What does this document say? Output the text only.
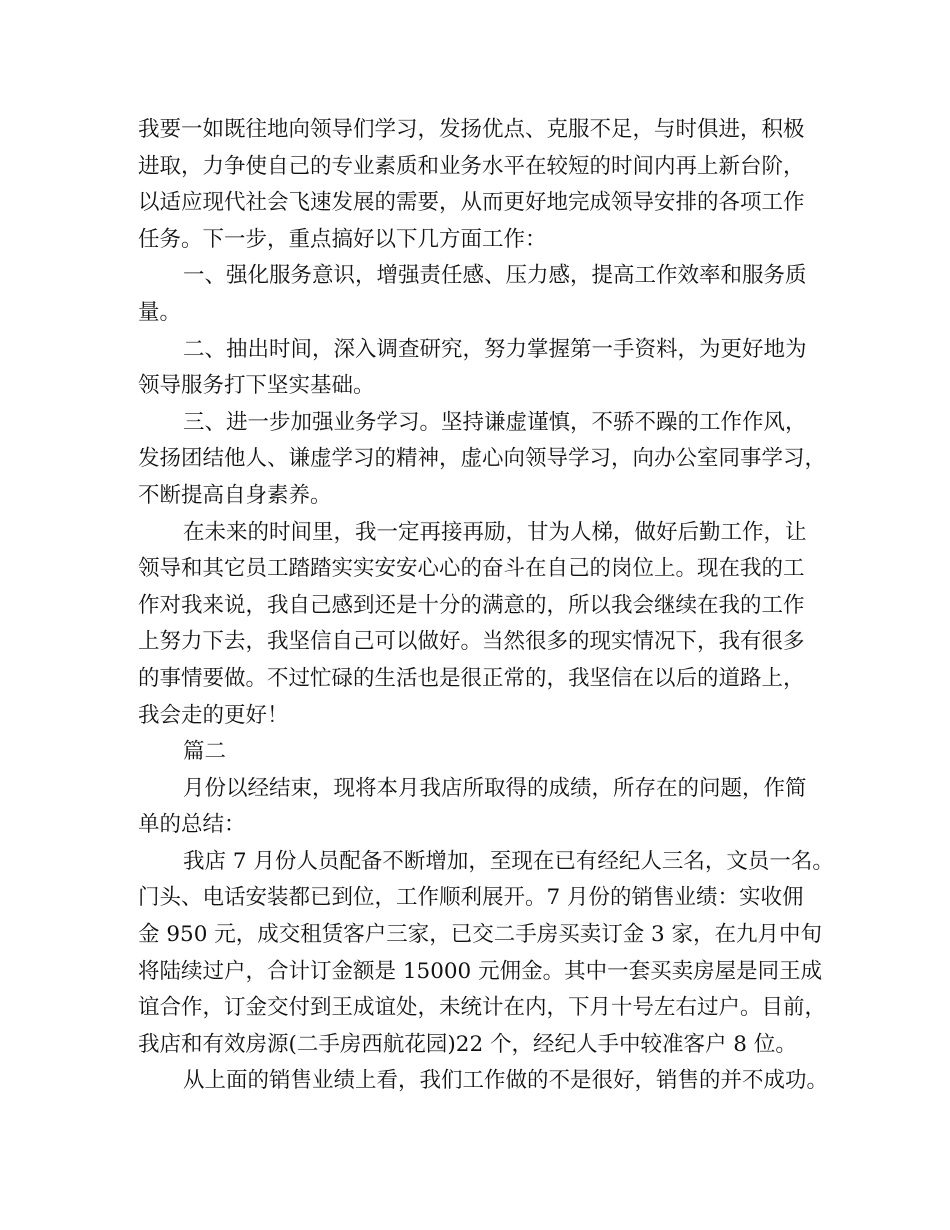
我要一如既往地向领导们学习，发扬优点、克服不足，与时俱进，积极
进取，力争使自己的专业素质和业务水平在较短的时间内再上新台阶，
以适应现代社会飞速发展的需要，从而更好地完成领导安排的各项工作
任务。下一步，重点搞好以下几方面工作：
一、强化服务意识，增强责任感、压力感，提高工作效率和服务质
量。
二、抽出时间，深入调查研究，努力掌握第一手资料，为更好地为
领导服务打下坚实基础。
三、进一步加强业务学习。坚持谦虚谨慎，不骄不躁的工作作风，
发扬团结他人、谦虚学习的精神，虚心向领导学习，向办公室同事学习，
不断提高自身素养。
在未来的时间里，我一定再接再励，甘为人梯，做好后勤工作，让
领导和其它员工踏踏实实安安心心的奋斗在自己的岗位上。现在我的工
作对我来说，我自己感到还是十分的满意的，所以我会继续在我的工作
上努力下去，我坚信自己可以做好。当然很多的现实情况下，我有很多
的事情要做。不过忙碌的生活也是很正常的，我坚信在以后的道路上，
我会走的更好！
篇二
月份以经结束，现将本月我店所取得的成绩，所存在的问题，作简
单的总结：
我店 7 月份人员配备不断增加，至现在已有经纪人三名，文员一名。
门头、电话安装都已到位，工作顺利展开。7 月份的销售业绩：实收佣
金 950 元，成交租赁客户三家，已交二手房买卖订金 3 家，在九月中旬
将陆续过户，合计订金额是 15000 元佣金。其中一套买卖房屋是同王成
谊合作，订金交付到王成谊处，未统计在内，下月十号左右过户。目前，
我店和有效房源(二手房西航花园)22 个，经纪人手中较准客户 8 位。
从上面的销售业绩上看，我们工作做的不是很好，销售的并不成功。
